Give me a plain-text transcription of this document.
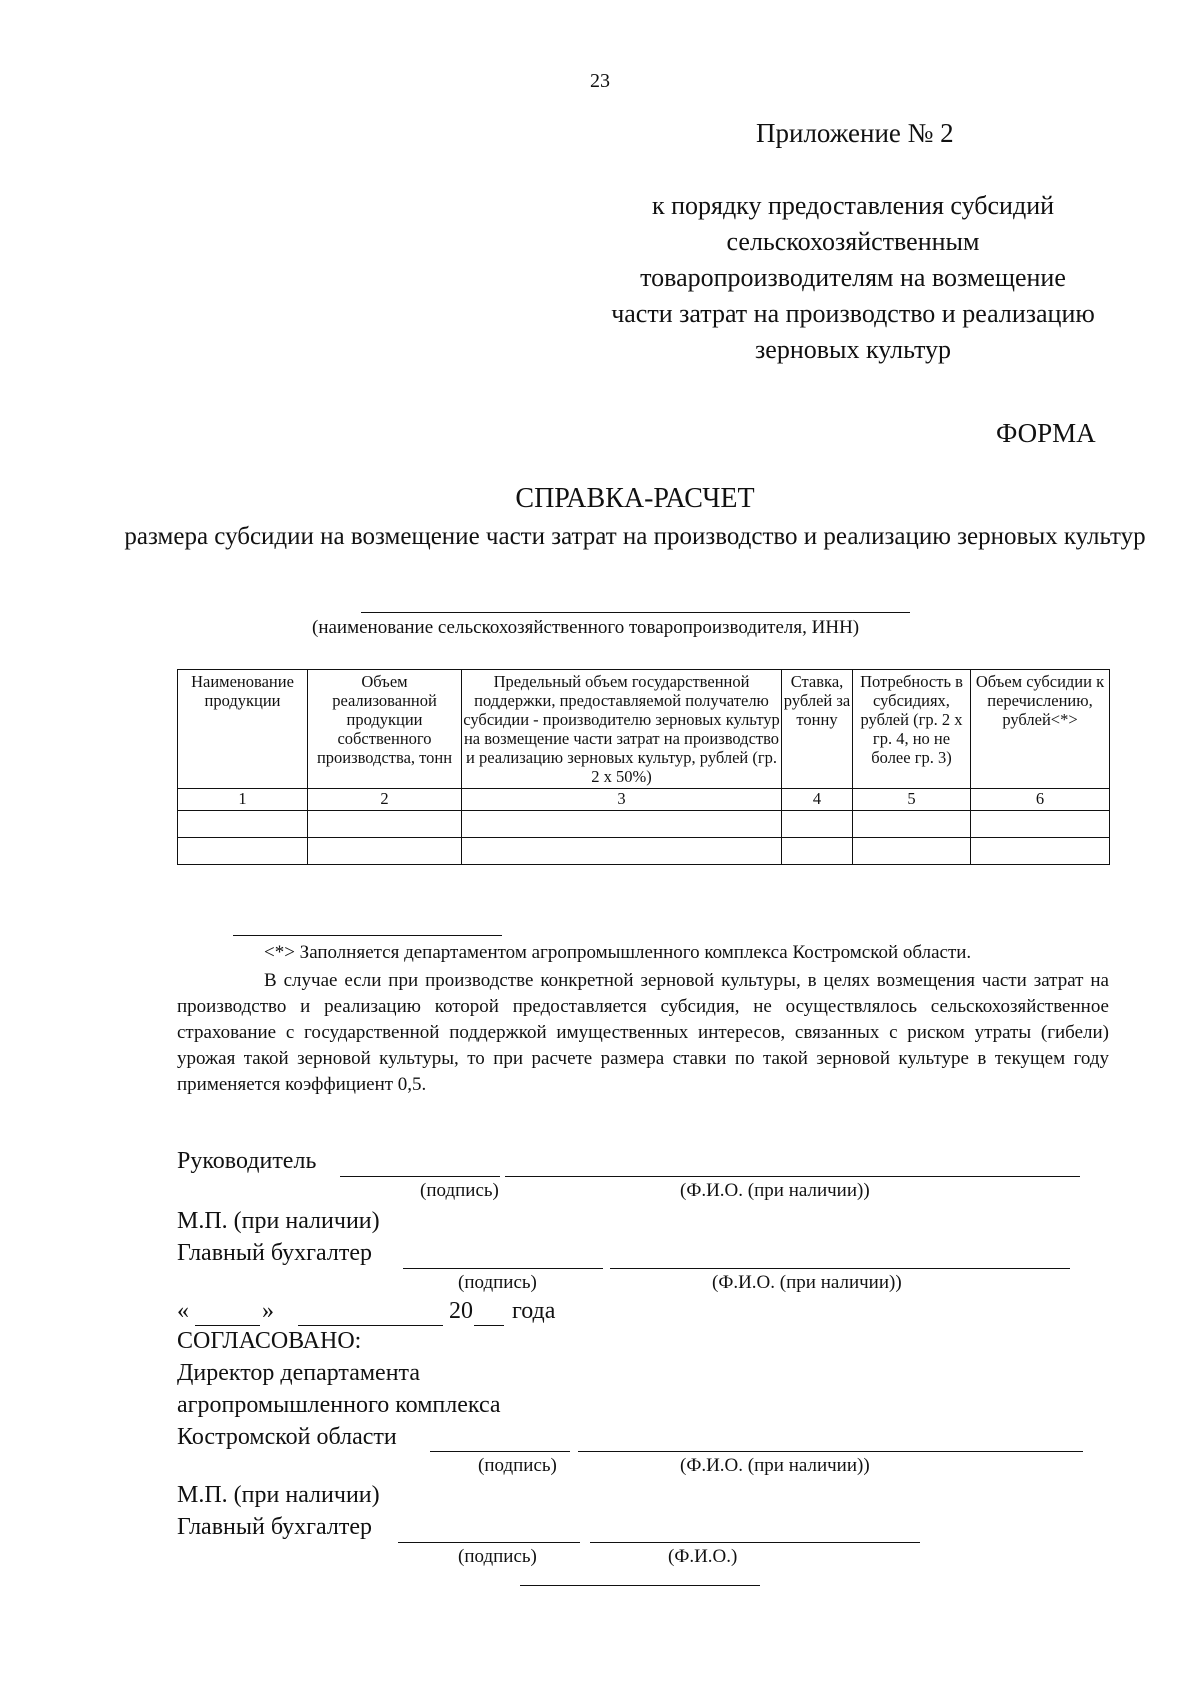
23
Приложение № 2
к порядку предоставления субсидий сельскохозяйственным товаропроизводителям на возмещение части затрат на производство и реализацию зерновых культур
ФОРМА
СПРАВКА-РАСЧЕТ
размера субсидии на возмещение части затрат на производство и реализацию зерновых культур
(наименование сельскохозяйственного товаропроизводителя, ИНН)
Наименование продукции	Объем реализованной продукции собственного производства, тонн	Предельный объем государственной поддержки, предоставляемой получателю субсидии - производителю зерновых культур на возмещение части затрат на производство и реализацию зерновых культур, рублей (гр. 2 х 50%)	Ставка, рублей за тонну	Потребность в субсидиях, рублей (гр. 2 х гр. 4, но не более гр. 3)	Объем субсидии к перечислению, рублей<*>
1	2	3	4	5	6

<*> Заполняется департаментом агропромышленного комплекса Костромской области.
В случае если при производстве конкретной зерновой культуры, в целях возмещения части затрат на производство и реализацию которой предоставляется субсидия, не осуществлялось сельскохозяйственное страхование с государственной поддержкой имущественных интересов, связанных с риском утраты (гибели) урожая такой зерновой культуры, то при расчете размера ставки по такой зерновой культуре в текущем году применяется коэффициент 0,5.
Руководитель
(подпись)	(Ф.И.О. (при наличии))
М.П. (при наличии)
Главный бухгалтер
(подпись)	(Ф.И.О. (при наличии))
«	»	20 года
СОГЛАСОВАНО:
Директор департамента
агропромышленного комплекса
Костромской области
(подпись)	(Ф.И.О. (при наличии))
М.П. (при наличии)
Главный бухгалтер
(подпись)	(Ф.И.О.)
